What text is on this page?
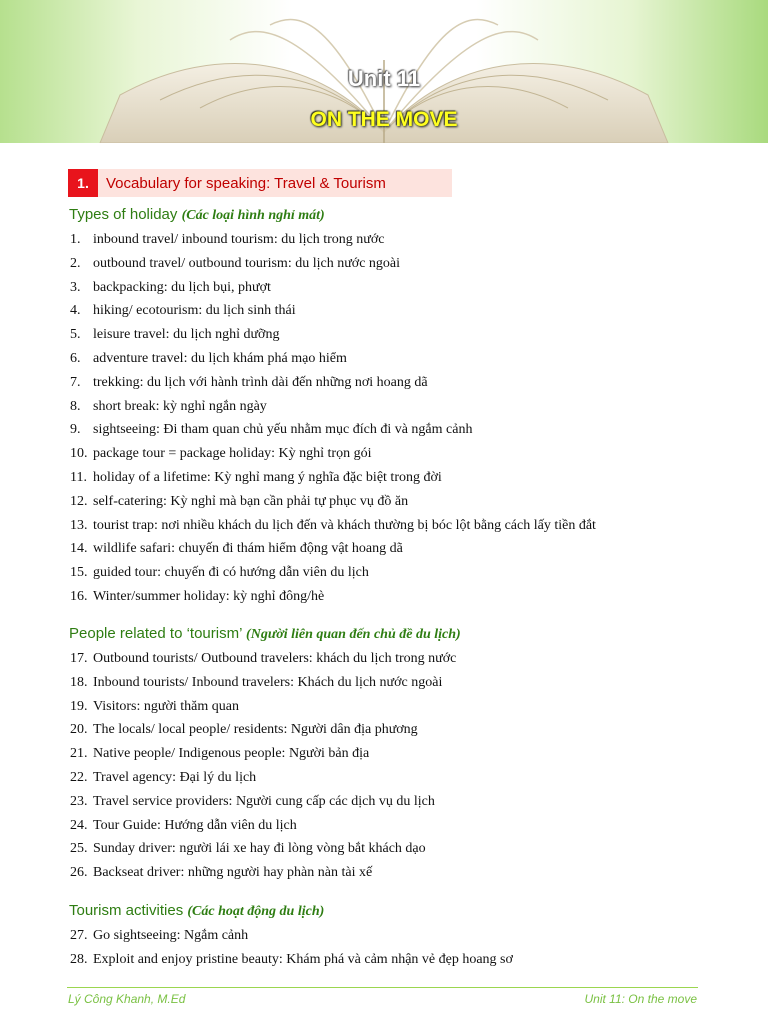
Unit 11
ON THE MOVE
1.	Vocabulary for speaking: Travel & Tourism
Types of holiday (Các loại hình nghỉ mát)
1. inbound travel/ inbound tourism: du lịch trong nước
2. outbound travel/ outbound tourism: du lịch nước ngoài
3. backpacking: du lịch bụi, phượt
4. hiking/ ecotourism: du lịch sinh thái
5. leisure travel: du lịch nghỉ dưỡng
6. adventure travel: du lịch khám phá mạo hiểm
7. trekking: du lịch với hành trình dài đến những nơi hoang dã
8. short break: kỳ nghỉ ngắn ngày
9. sightseeing: Đi tham quan chủ yếu nhằm mục đích đi và ngắm cảnh
10. package tour = package holiday: Kỳ nghỉ trọn gói
11. holiday of a lifetime: Kỳ nghỉ mang ý nghĩa đặc biệt trong đời
12. self-catering: Kỳ nghỉ mà bạn cần phải tự phục vụ đồ ăn
13. tourist trap: nơi nhiều khách du lịch đến và khách thường bị bóc lột bằng cách lấy tiền đắt
14. wildlife safari: chuyến đi thám hiểm động vật hoang dã
15. guided tour: chuyến đi có hướng dẫn viên du lịch
16. Winter/summer holiday: kỳ nghỉ đông/hè
People related to ‘tourism’ (Người liên quan đến chủ đề du lịch)
17. Outbound tourists/ Outbound travelers: khách du lịch trong nước
18. Inbound tourists/ Inbound travelers: Khách du lịch nước ngoài
19. Visitors: người thăm quan
20. The locals/ local people/ residents: Người dân địa phương
21. Native people/ Indigenous people: Người bản địa
22. Travel agency: Đại lý du lịch
23. Travel service providers: Người cung cấp các dịch vụ du lịch
24. Tour Guide: Hướng dẫn viên du lịch
25. Sunday driver: người lái xe hay đi lòng vòng bắt khách dạo
26. Backseat driver: những người hay phàn nàn tài xế
Tourism activities (Các hoạt động du lịch)
27. Go sightseeing: Ngắm cảnh
28. Exploit and enjoy pristine beauty: Khám phá và cảm nhận vẻ đẹp hoang sơ
Lý Công Khanh, M.Ed	Unit 11: On the move
